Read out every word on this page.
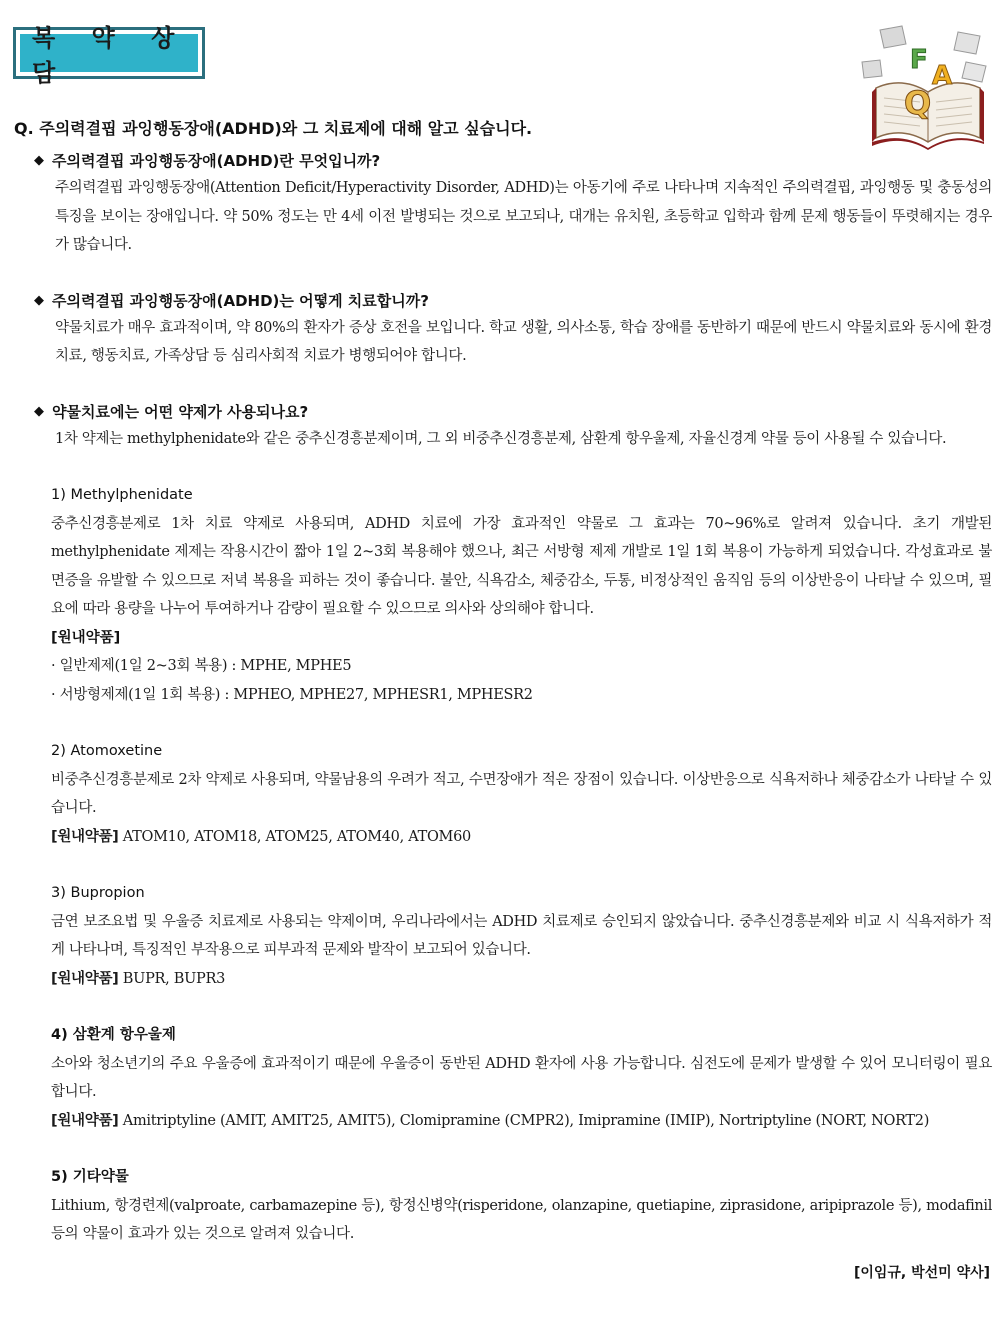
복 약 상 담	F
A
Q
Q. 주의력결핍 과잉행동장애(ADHD)와 그 치료제에 대해 알고 싶습니다.
◆ 주의력결핍 과잉행동장애(ADHD)란 무엇입니까?
주의력결핍 과잉행동장애(Attention Deficit/Hyperactivity Disorder, ADHD)는 아동기에 주로 나타나며 지속적인 주의력결핍, 과잉행동 및 충동성의 특징을 보이는 장애입니다. 약 50% 정도는 만 4세 이전 발병되는 것으로 보고되나, 대개는 유치원, 초등학교 입학과 함께 문제 행동들이 뚜렷해지는 경우가 많습니다.
◆ 주의력결핍 과잉행동장애(ADHD)는 어떻게 치료합니까?
약물치료가 매우 효과적이며, 약 80%의 환자가 증상 호전을 보입니다. 학교 생활, 의사소통, 학습 장애를 동반하기 때문에 반드시 약물치료와 동시에 환경치료, 행동치료, 가족상담 등 심리사회적 치료가 병행되어야 합니다.
◆ 약물치료에는 어떤 약제가 사용되나요?
1차 약제는 methylphenidate와 같은 중추신경흥분제이며, 그 외 비중추신경흥분제, 삼환계 항우울제, 자율신경계 약물 등이 사용될 수 있습니다.
1) Methylphenidate
중추신경흥분제로 1차 치료 약제로 사용되며, ADHD 치료에 가장 효과적인 약물로 그 효과는 70~96%로 알려져 있습니다. 초기 개발된 methylphenidate 제제는 작용시간이 짧아 1일 2~3회 복용해야 했으나, 최근 서방형 제제 개발로 1일 1회 복용이 가능하게 되었습니다. 각성효과로 불면증을 유발할 수 있으므로 저녁 복용을 피하는 것이 좋습니다. 불안, 식욕감소, 체중감소, 두통, 비정상적인 움직임 등의 이상반응이 나타날 수 있으며, 필요에 따라 용량을 나누어 투여하거나 감량이 필요할 수 있으므로 의사와 상의해야 합니다.
[원내약품]
· 일반제제(1일 2~3회 복용) : MPHE, MPHE5
· 서방형제제(1일 1회 복용) : MPHEO, MPHE27, MPHESR1, MPHESR2
2) Atomoxetine
비중추신경흥분제로 2차 약제로 사용되며, 약물남용의 우려가 적고, 수면장애가 적은 장점이 있습니다. 이상반응으로 식욕저하나 체중감소가 나타날 수 있습니다.
[원내약품] ATOM10, ATOM18, ATOM25, ATOM40, ATOM60
3) Bupropion
금연 보조요법 및 우울증 치료제로 사용되는 약제이며, 우리나라에서는 ADHD 치료제로 승인되지 않았습니다. 중추신경흥분제와 비교 시 식욕저하가 적게 나타나며, 특징적인 부작용으로 피부과적 문제와 발작이 보고되어 있습니다.
[원내약품] BUPR, BUPR3
4) 삼환계 항우울제
소아와 청소년기의 주요 우울증에 효과적이기 때문에 우울증이 동반된 ADHD 환자에 사용 가능합니다. 심전도에 문제가 발생할 수 있어 모니터링이 필요합니다.
[원내약품] Amitriptyline (AMIT, AMIT25, AMIT5), Clomipramine (CMPR2), Imipramine (IMIP), Nortriptyline (NORT, NORT2)
5) 기타약물
Lithium, 항경련제(valproate, carbamazepine 등), 항정신병약(risperidone, olanzapine, quetiapine, ziprasidone, aripiprazole 등), modafinil 등의 약물이 효과가 있는 것으로 알려져 있습니다.
[이임규, 박선미 약사]
